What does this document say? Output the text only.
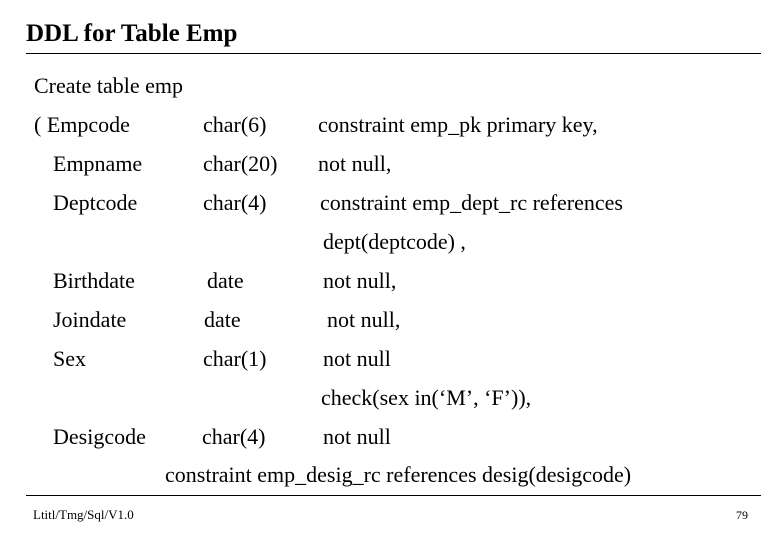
DDL for Table Emp
Create table emp
( Empcode	char(6) constraint emp_pk primary key,
Empname	char(20) not null,
Deptcode	char(4) constraint emp_dept_rc references
dept(deptcode) ,
Birthdate	date	not null,
Joindate	date	not null,
Sex	char(1)	not null
check(sex in(‘M’, ‘F’)),
Desigcode	char(4)	not null
constraint emp_desig_rc references desig(desigcode)
Ltitl/Tmg/Sql/V1.0	79
